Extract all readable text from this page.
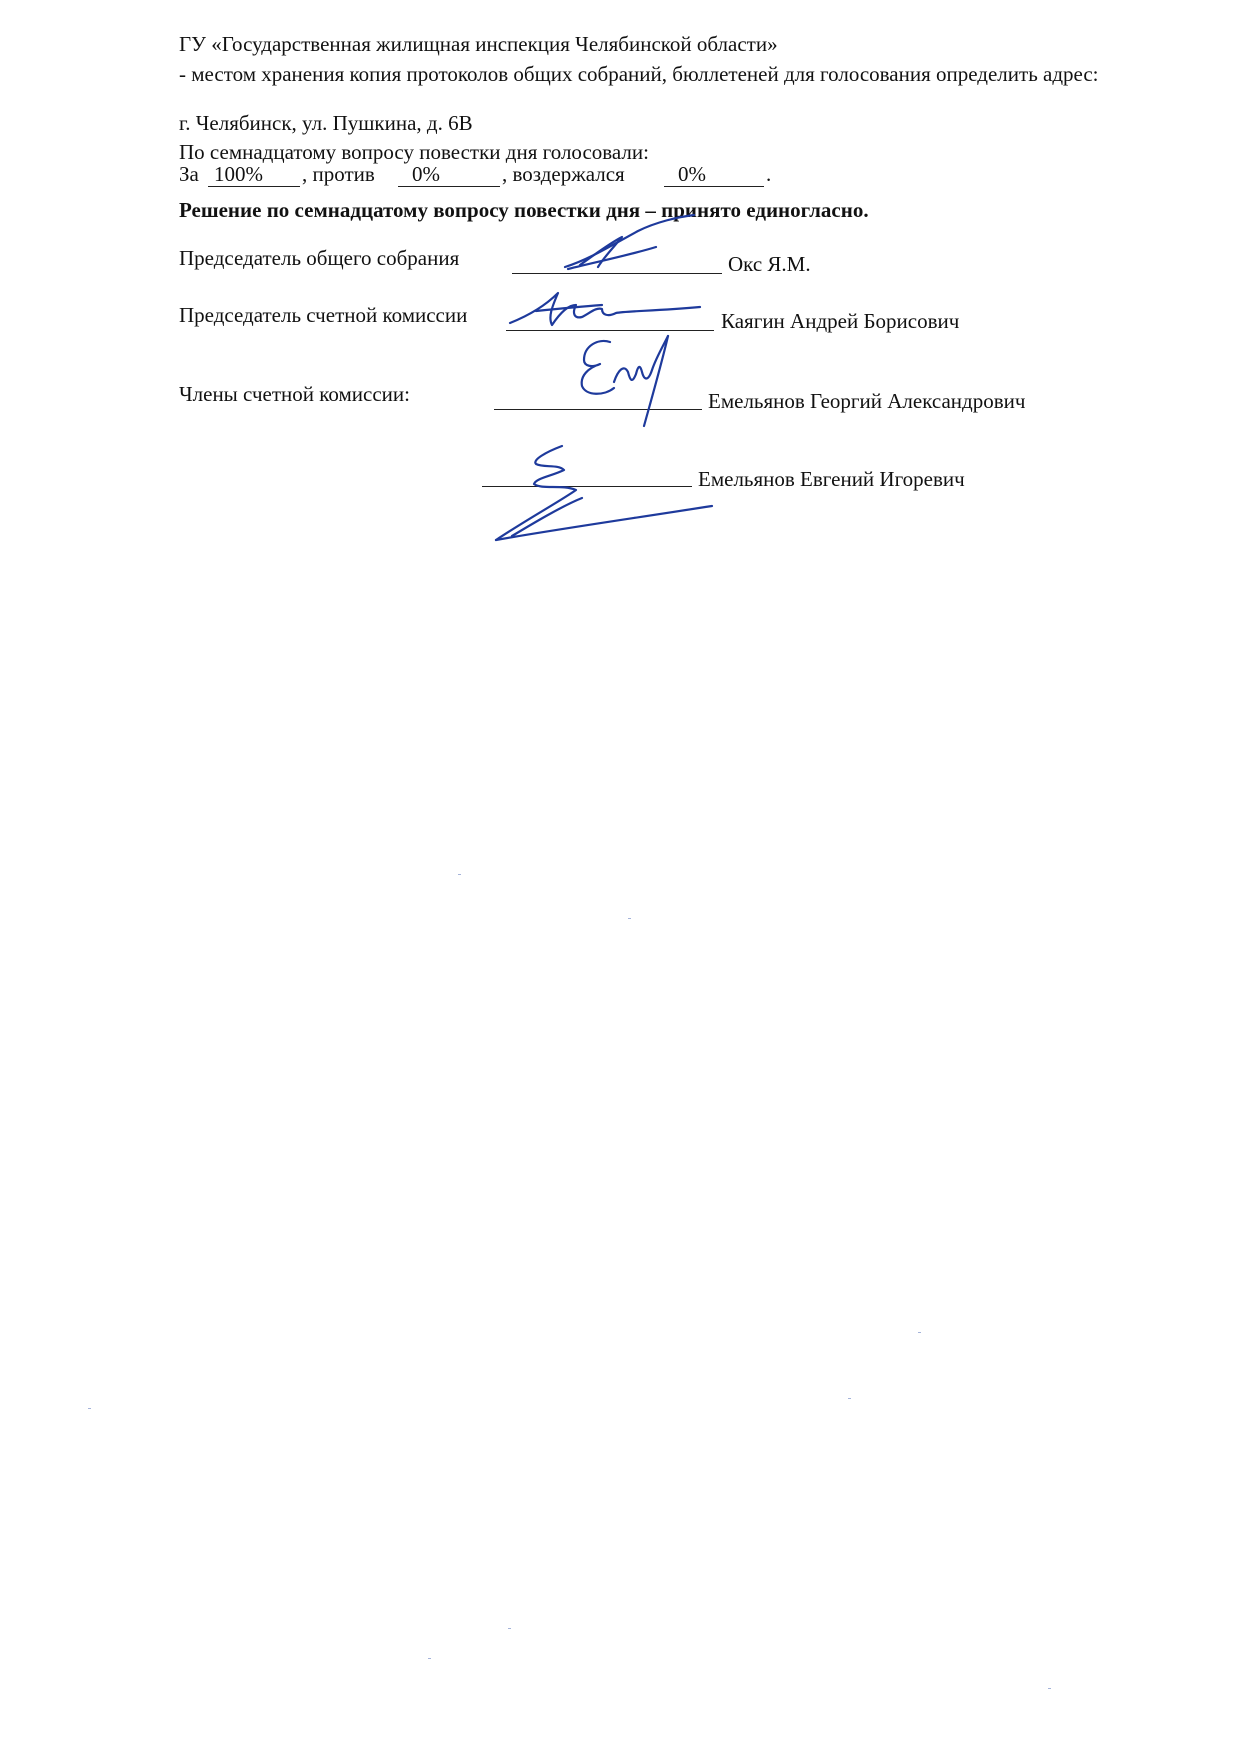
ГУ «Государственная жилищная инспекция Челябинской области»
- местом хранения копия протоколов общих собраний, бюллетеней для голосования определить адрес:
г. Челябинск, ул. Пушкина, д. 6В
По семнадцатому вопросу повестки дня голосовали:
За 100%	, против	0%	, воздержался	0%	.
Решение по семнадцатому вопросу повестки дня – принято единогласно.
Председатель общего собрания	Окс Я.М.
Председатель счетной комиссии	Каягин Андрей Борисович
Члены счетной комиссии:	Емельянов Георгий Александрович
Емельянов Евгений Игоревич
